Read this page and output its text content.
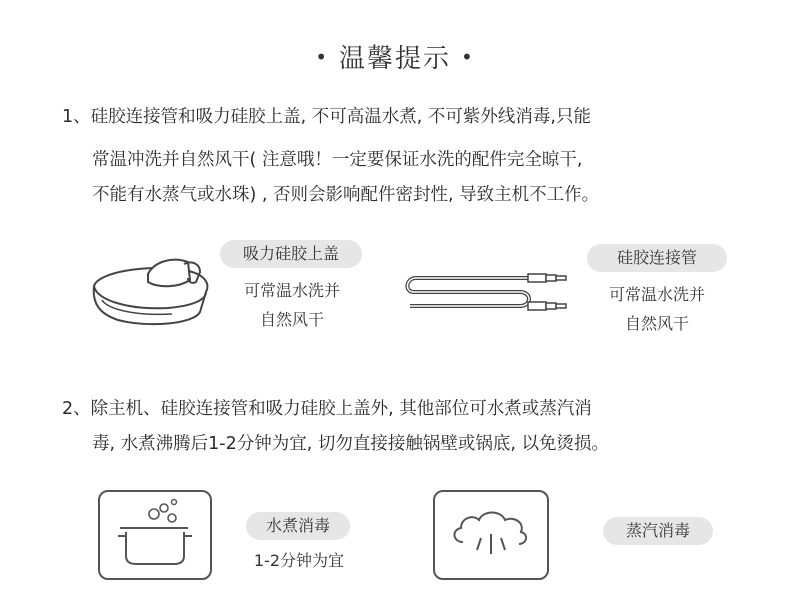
• 温馨提示 •
1、硅胶连接管和吸力硅胶上盖, 不可高温水煮, 不可紫外线消毒,只能
常温冲洗并自然风干( 注意哦！一定要保证水洗的配件完全晾干,
不能有水蒸气或水珠) , 否则会影响配件密封性, 导致主机不工作。
吸力硅胶上盖
可常温水洗并
自然风干
硅胶连接管
可常温水洗并
自然风干
2、除主机、硅胶连接管和吸力硅胶上盖外, 其他部位可水煮或蒸汽消
毒, 水煮沸腾后1-2分钟为宜, 切勿直接接触锅壁或锅底, 以免烫损。
水煮消毒
1-2分钟为宜
蒸汽消毒
